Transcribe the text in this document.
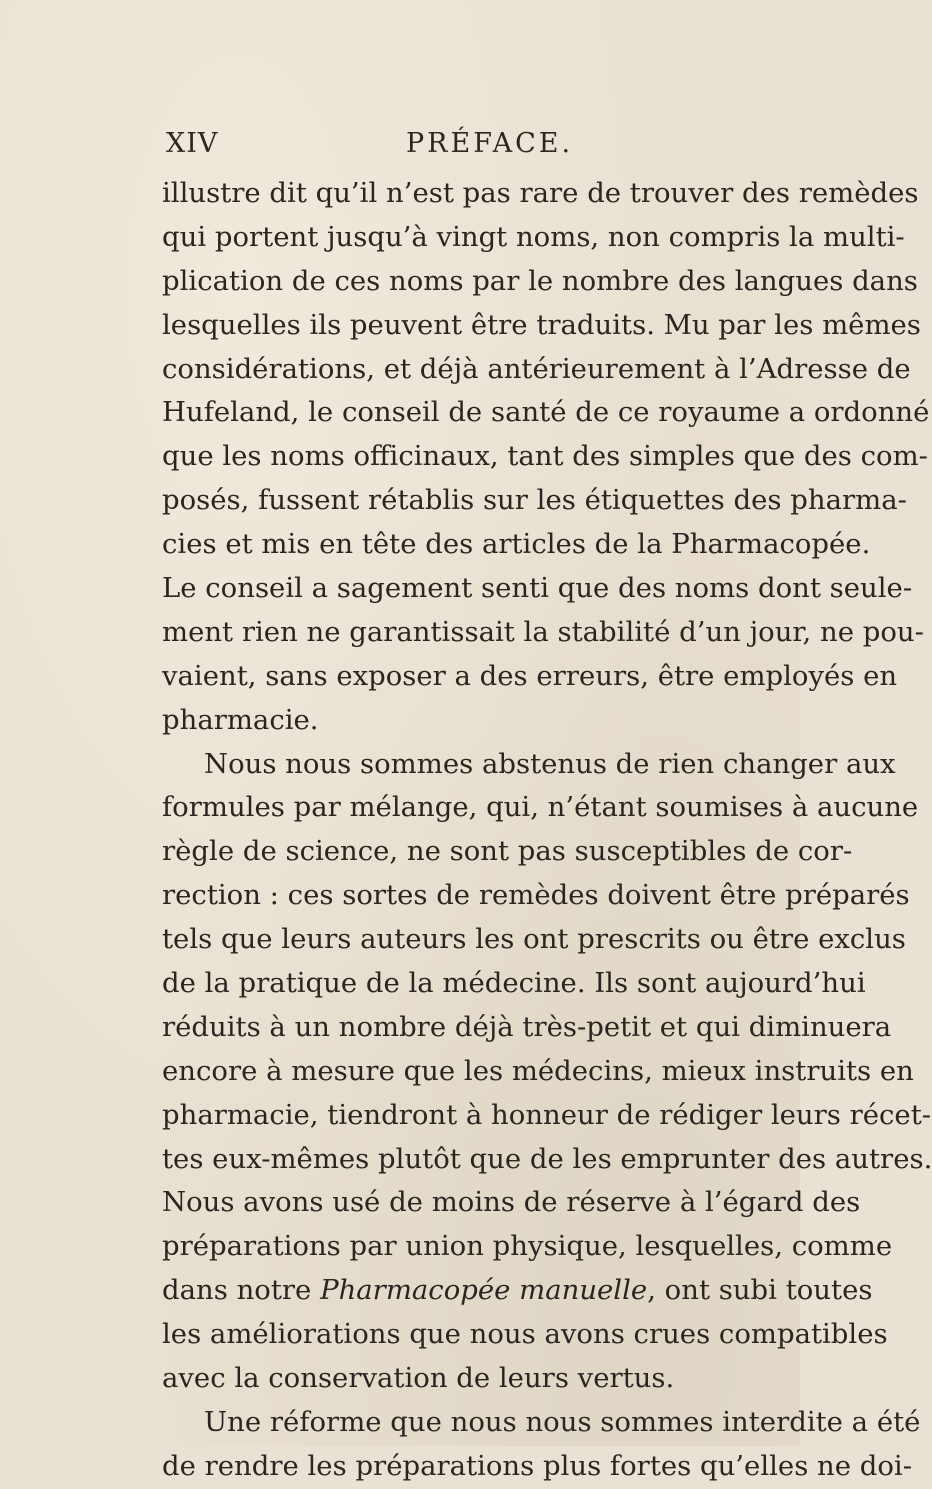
XIV	PRÉFACE.
illustre dit qu’il n’est pas rare de trouver des remèdes
qui portent jusqu’à vingt noms, non compris la multi-
plication de ces noms par le nombre des langues dans
lesquelles ils peuvent être traduits. Mu par les mêmes
considérations, et déjà antérieurement à l’Adresse de
Hufeland, le conseil de santé de ce royaume a ordonné
que les noms officinaux, tant des simples que des com-
posés, fussent rétablis sur les étiquettes des pharma-
cies et mis en tête des articles de la Pharmacopée.
Le conseil a sagement senti que des noms dont seule-
ment rien ne garantissait la stabilité d’un jour, ne pou-
vaient, sans exposer a des erreurs, être employés en
pharmacie.
Nous nous sommes abstenus de rien changer aux
formules par mélange, qui, n’étant soumises à aucune
règle de science, ne sont pas susceptibles de cor-
rection : ces sortes de remèdes doivent être préparés
tels que leurs auteurs les ont prescrits ou être exclus
de la pratique de la médecine. Ils sont aujourd’hui
réduits à un nombre déjà très-petit et qui diminuera
encore à mesure que les médecins, mieux instruits en
pharmacie, tiendront à honneur de rédiger leurs récet-
tes eux-mêmes plutôt que de les emprunter des autres.
Nous avons usé de moins de réserve à l’égard des
préparations par union physique, lesquelles, comme
dans notre Pharmacopée manuelle, ont subi toutes
les améliorations que nous avons crues compatibles
avec la conservation de leurs vertus.
Une réforme que nous nous sommes interdite a été
de rendre les préparations plus fortes qu’elles ne doi-
